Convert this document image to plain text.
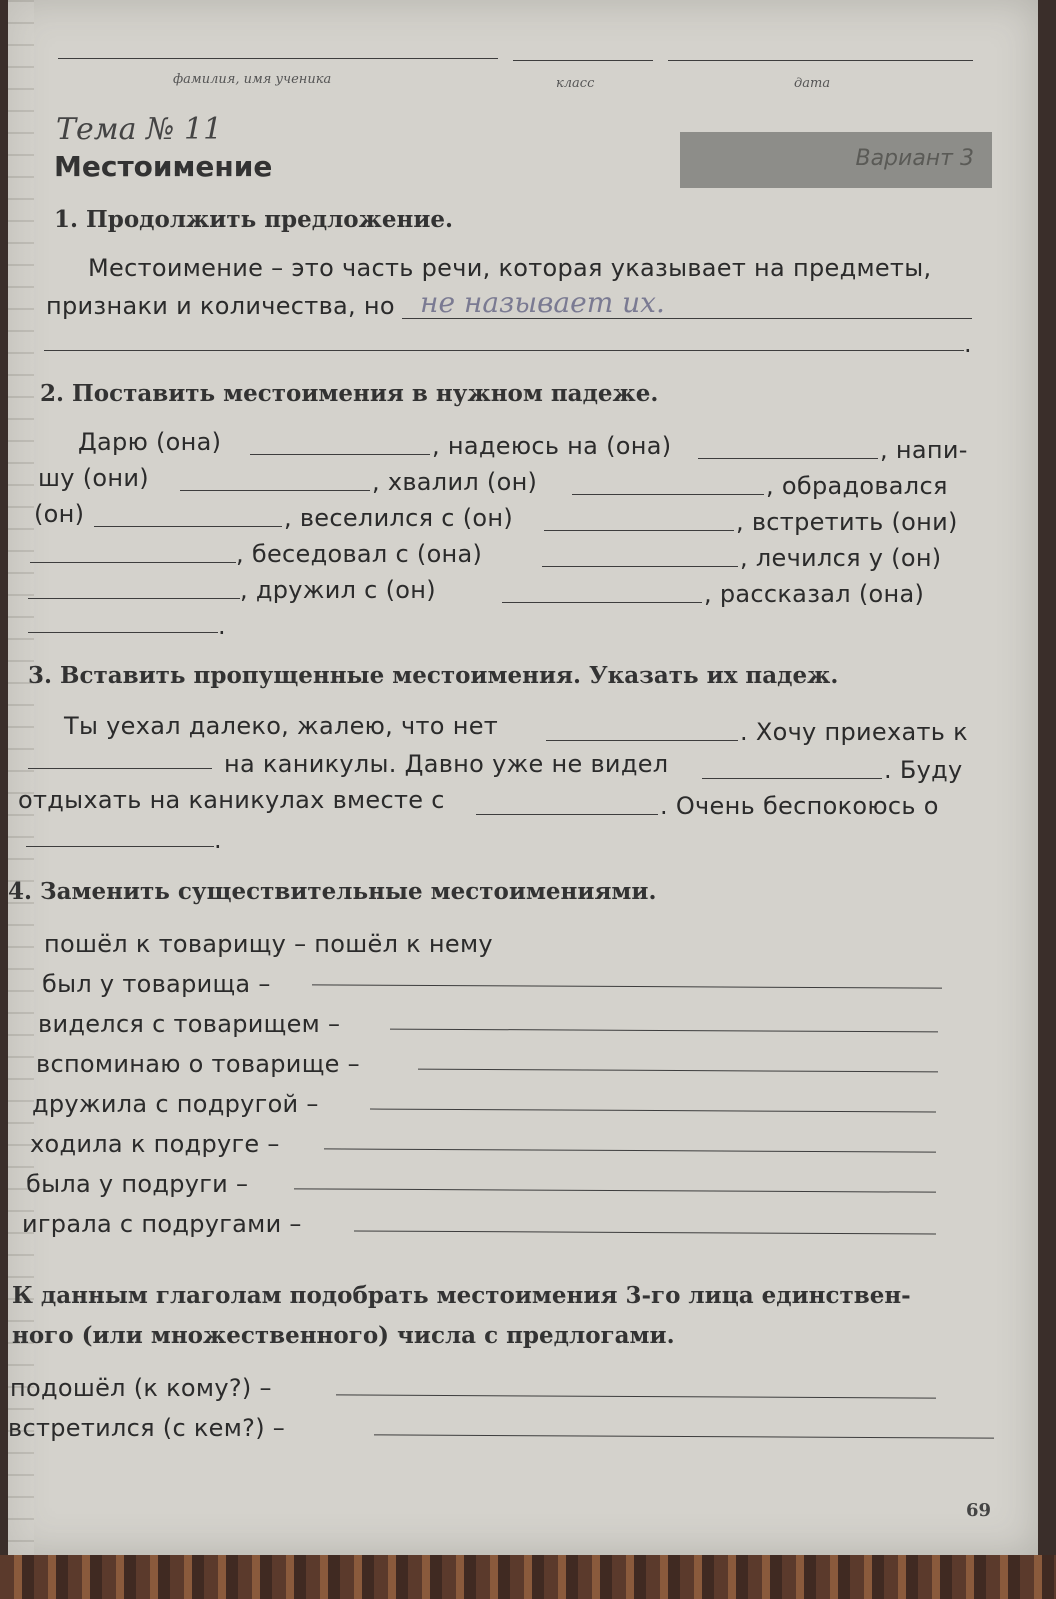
фамилия, имя ученика	класс	дата
Тема № 11
Местоимение	Вариант 3
1. Продолжить предложение.
Местоимение – это часть речи, которая указывает на предметы,
признаки и количества, но не называет их.
.
2. Поставить местоимения в нужном падеже.
Дарю (она)	, надеюсь на (она)	, напи-
шу (они)	, хвалил (он)	, обрадовался
(он)	, веселился с (он)	, встретить (они)
, беседовал с (она)	, лечился у (он)
, дружил с (он)	, рассказал (она)
.
3. Вставить пропущенные местоимения. Указать их падеж.
Ты уехал далеко, жалею, что нет	. Хочу приехать к
на каникулы. Давно уже не видел	. Буду
отдыхать на каникулах вместе с	. Очень беспокоюсь о
.
4. Заменить существительные местоимениями.
пошёл к товарищу – пошёл к нему
был у товарища –
виделся с товарищем –
вспоминаю о товарище –
дружила с подругой –
ходила к подруге –
была у подруги –
играла с подругами –
К данным глаголам подобрать местоимения 3-го лица единствен-
ного (или множественного) числа с предлогами.
подошёл (к кому?) –
встретился (с кем?) –
69
